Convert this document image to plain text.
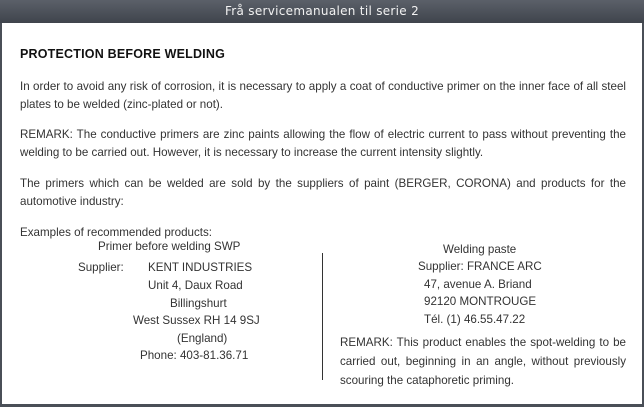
Frå servicemanualen til serie 2
PROTECTION BEFORE WELDING
In order to avoid any risk of corrosion, it is necessary to apply a coat of conductive primer on the inner face of all steel plates to be welded (zinc-plated or not).
REMARK: The conductive primers are zinc paints allowing the flow of electric current to pass without preventing the welding to be carried out. However, it is necessary to increase the current intensity slightly.
The primers which can be welded are sold by the suppliers of paint (BERGER, CORONA) and products for the automotive industry:
Examples of recommended products:
Primer before welding SWP
Supplier: KENT INDUSTRIES
Unit 4, Daux Road
Billingshurt
West Sussex RH 14 9SJ
(England)
Phone: 403-81.36.71
Welding paste
Supplier: FRANCE ARC
47, avenue A. Briand
92120 MONTROUGE
Tél. (1) 46.55.47.22
REMARK: This product enables the spot-welding to be carried out, beginning in an angle, without previously scouring the cataphoretic priming.
